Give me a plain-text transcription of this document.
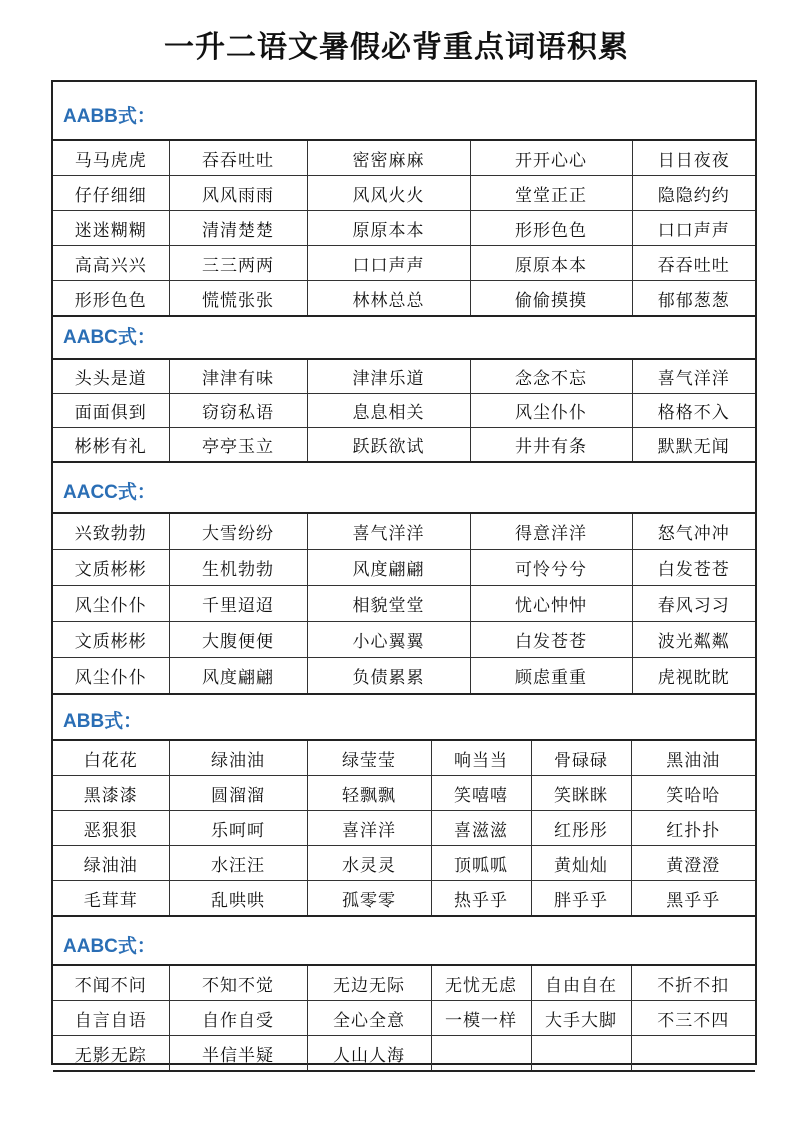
一升二语文暑假必背重点词语积累
AABB式：
AABC式：
AACC式：
ABB式：
AABC式：
马马虎虎	吞吞吐吐	密密麻麻	开开心心	日日夜夜
仔仔细细	风风雨雨	风风火火	堂堂正正	隐隐约约
迷迷糊糊	清清楚楚	原原本本	形形色色	口口声声
高高兴兴	三三两两	口口声声	原原本本	吞吞吐吐
形形色色	慌慌张张	林林总总	偷偷摸摸	郁郁葱葱
头头是道	津津有味	津津乐道	念念不忘	喜气洋洋
面面俱到	窃窃私语	息息相关	风尘仆仆	格格不入
彬彬有礼	亭亭玉立	跃跃欲试	井井有条	默默无闻
兴致勃勃	大雪纷纷	喜气洋洋	得意洋洋	怒气冲冲
文质彬彬	生机勃勃	风度翩翩	可怜兮兮	白发苍苍
风尘仆仆	千里迢迢	相貌堂堂	忧心忡忡	春风习习
文质彬彬	大腹便便	小心翼翼	白发苍苍	波光粼粼
风尘仆仆	风度翩翩	负债累累	顾虑重重	虎视眈眈
白花花	绿油油	绿莹莹	响当当	骨碌碌	黑油油
黑漆漆	圆溜溜	轻飘飘	笑嘻嘻	笑眯眯	笑哈哈
恶狠狠	乐呵呵	喜洋洋	喜滋滋	红彤彤	红扑扑
绿油油	水汪汪	水灵灵	顶呱呱	黄灿灿	黄澄澄
毛茸茸	乱哄哄	孤零零	热乎乎	胖乎乎	黑乎乎
不闻不问	不知不觉	无边无际	无忧无虑	自由自在	不折不扣
自言自语	自作自受	全心全意	一模一样	大手大脚	不三不四
无影无踪	半信半疑	人山人海			
